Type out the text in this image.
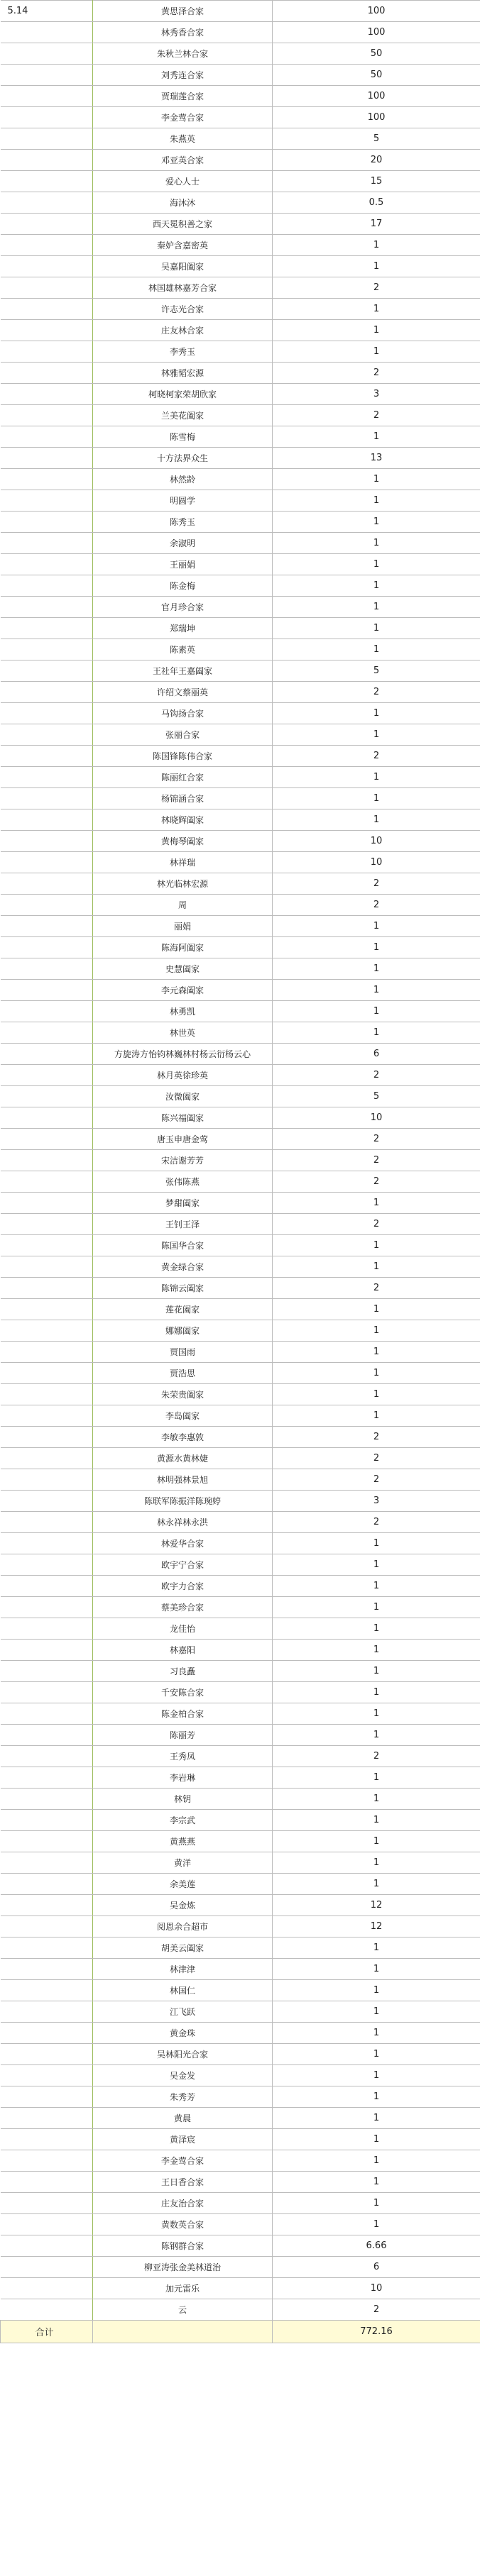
5.14	黄思泽合家	100
	林秀香合家	100
	朱秋兰林合家	50
	刘秀连合家	50
	贾瑞莲合家	100
	李金莺合家	100
	朱燕英	5
	邓亚英合家	20
	爱心人士	15
	海沐沐	0.5
	西天冕积善之家	17
	秦妒含嘉密英	1
	吴嘉阳阖家	1
	林国雄林嘉芳合家	2
	许志光合家	1
	庄友林合家	1
	李秀玉	1
	林雅韬宏源	2
	柯晓柯家荣胡欣家	3
	兰美花阖家	2
	陈雪梅	1
	十方法界众生	13
	林然龄	1
	明圆学	1
	陈秀玉	1
	余淑明	1
	王丽娟	1
	陈金梅	1
	官月珍合家	1
	郑瑞坤	1
	陈素英	1
	王社年王嘉阖家	5
	许绍文蔡丽英	2
	马钩扬合家	1
	张丽合家	1
	陈国锋陈伟合家	2
	陈丽红合家	1
	杨锦涵合家	1
	林晓辉阖家	1
	黄梅琴阖家	10
	林祥瑞	10
	林光临林宏源	2
	周	2
	丽娟	1
	陈海阿阖家	1
	史慧阖家	1
	李元森阖家	1
	林勇凯	1
	林世英	1
	方旋涛方怡钧林巍林村杨云衍杨云心	6
	林月英徐珍英	2
	汝微阖家	5
	陈兴福阖家	10
	唐玉申唐金莺	2
	宋洁谢芳芳	2
	张伟陈燕	2
	梦甜阖家	1
	王钊王泽	2
	陈国华合家	1
	黄金绿合家	1
	陈锦云阖家	2
	莲花阖家	1
	娜娜阖家	1
	贾国雨	1
	贾浩思	1
	朱荣贵阖家	1
	李岛阖家	1
	李敏李惠敦	2
	黄源水黄林婕	2
	林明强林景旭	2
	陈联军陈振洋陈琬婷	3
	林永祥林永洪	2
	林爱华合家	1
	欧宇宁合家	1
	欧宇力合家	1
	蔡美珍合家	1
	龙佳怡	1
	林嘉阳	1
	习良矗	1
	千安陈合家	1
	陈金柏合家	1
	陈丽芳	1
	王秀凤	2
	李岩琳	1
	林钥	1
	李宗武	1
	黄燕燕	1
	黄洋	1
	余美莲	1
	吴金炼	12
	阅恩余合超市	12
	胡美云阖家	1
	林津津	1
	林国仁	1
	江飞跃	1
	黄金珠	1
	吴林阳光合家	1
	吴金发	1
	朱秀芳	1
	黄晨	1
	黄泽宸	1
	李金莺合家	1
	王日香合家	1
	庄友治合家	1
	黄数英合家	1
	陈钢群合家	6.66
	柳亚涛张金美林道治	6
	加元雷乐	10
	云	2
合计		772.16
